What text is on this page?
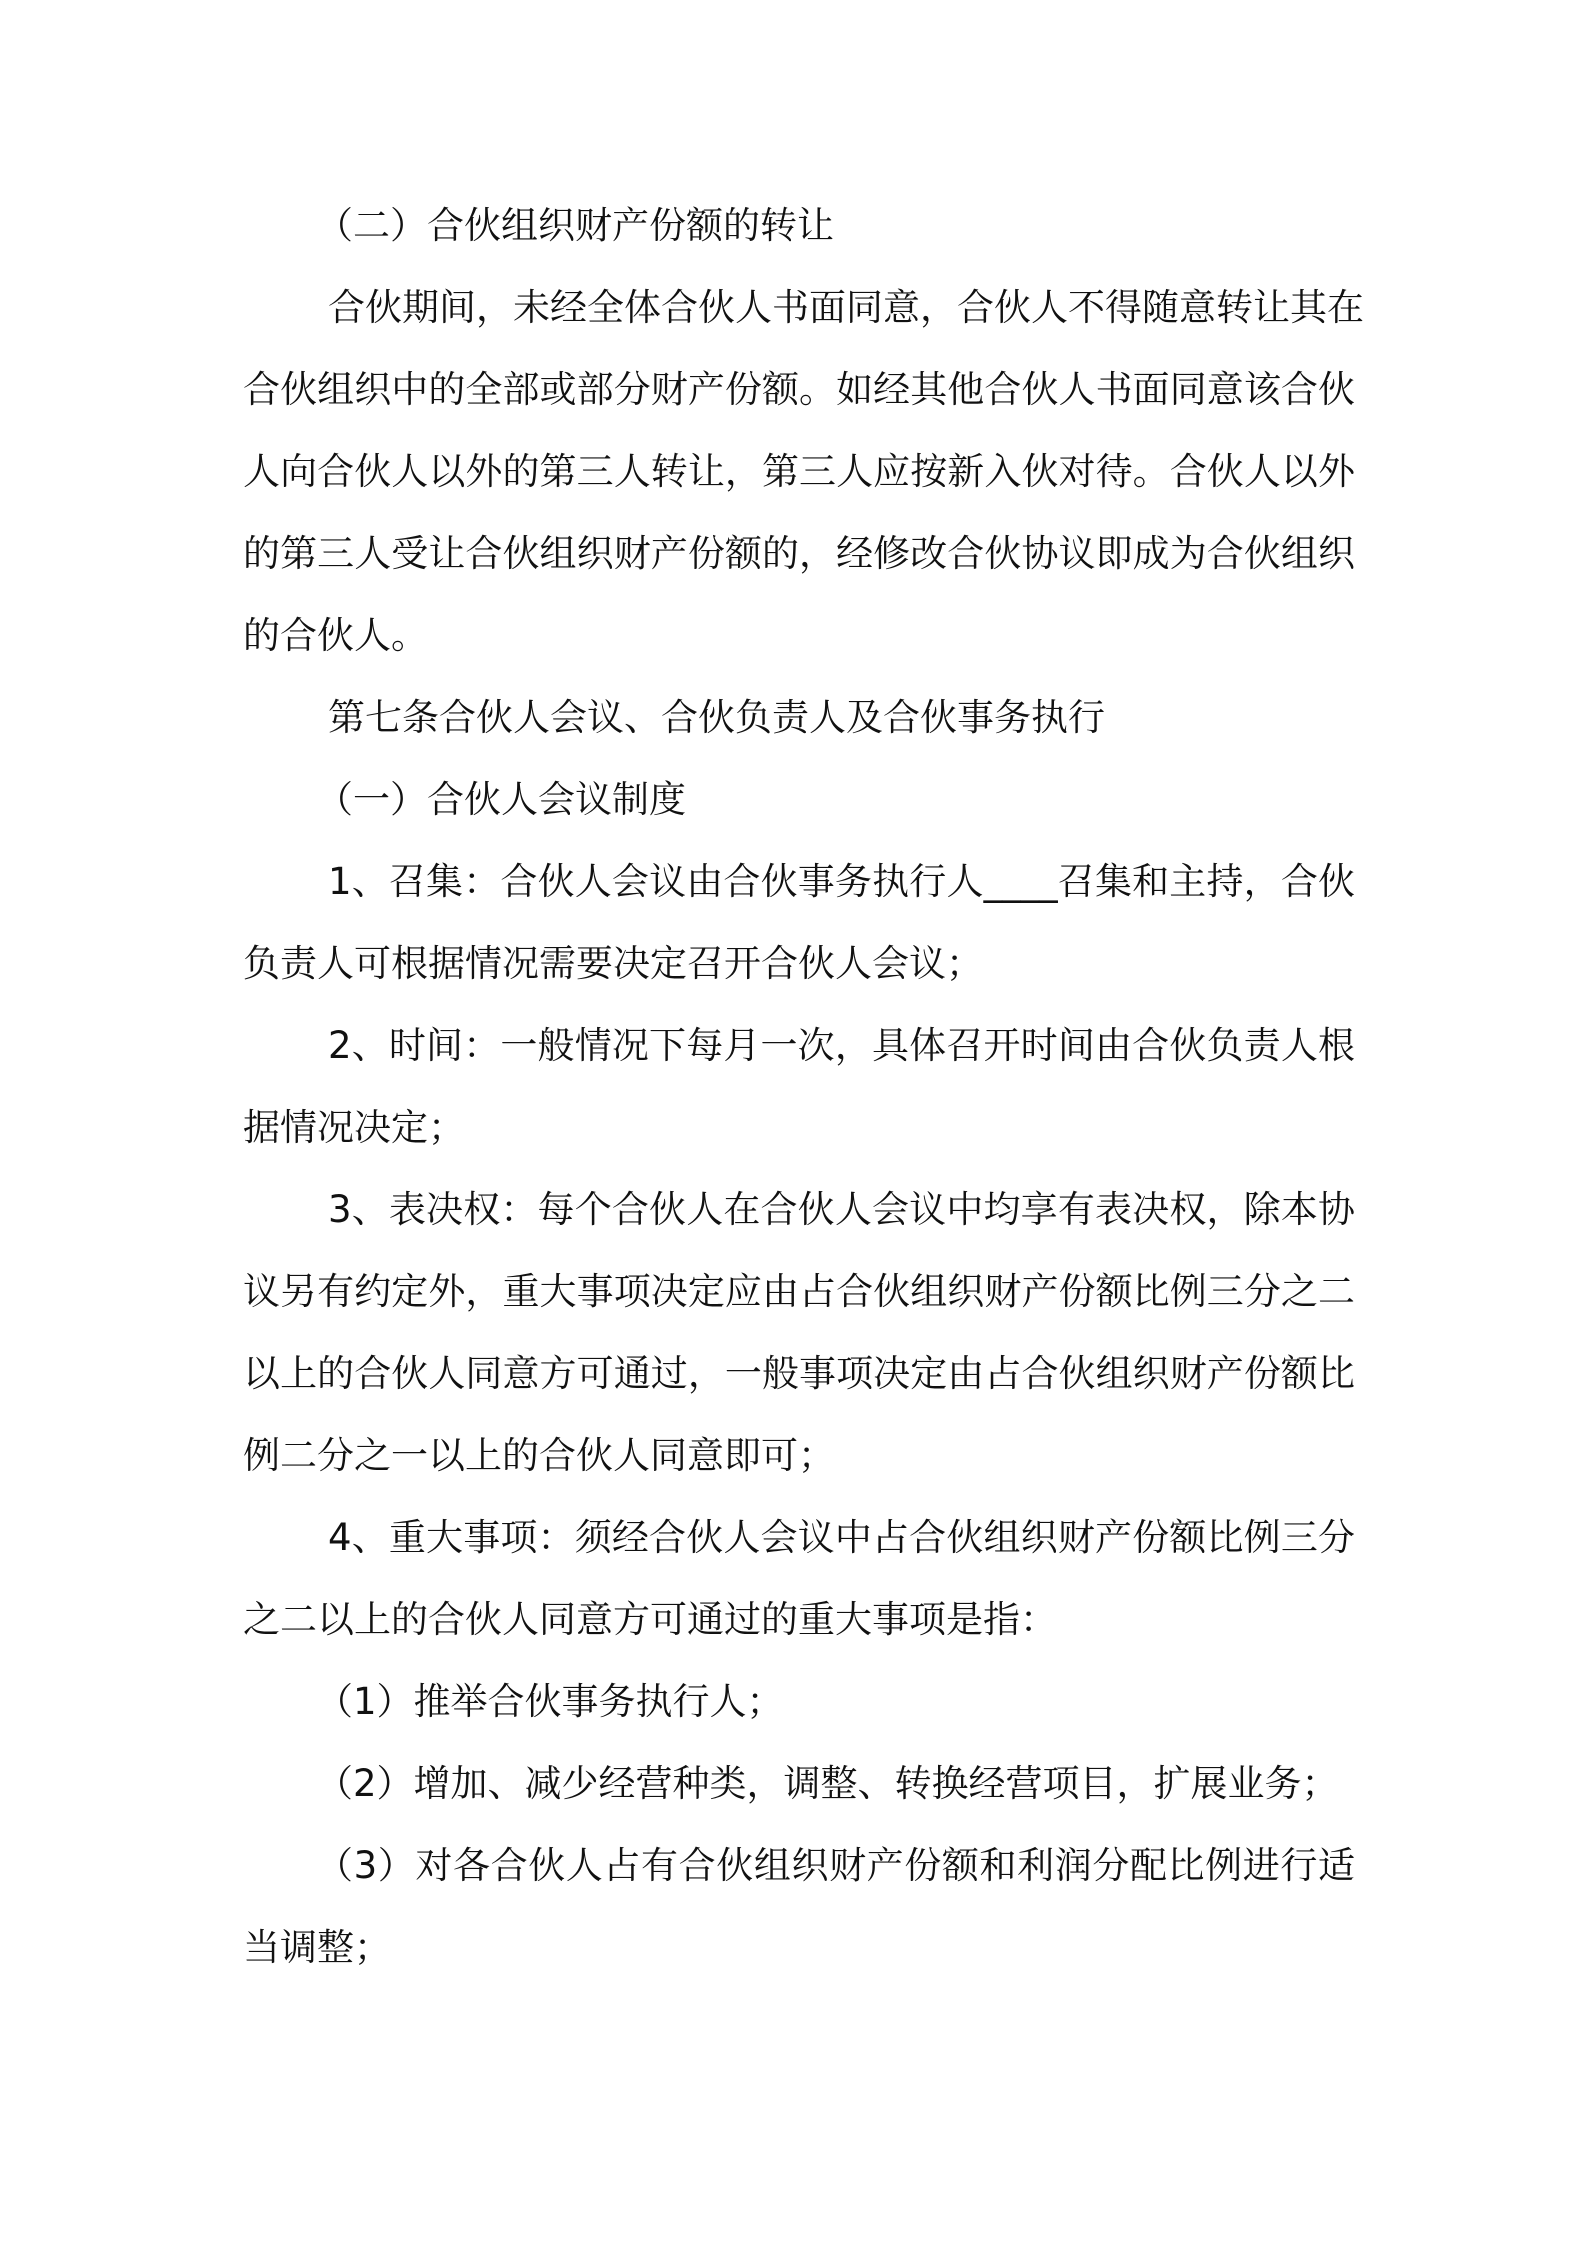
（二）合伙组织财产份额的转让
合伙期间，未经全体合伙人书面同意，合伙人不得随意转让其在
合伙组织中的全部或部分财产份额。如经其他合伙人书面同意该合伙
人向合伙人以外的第三人转让，第三人应按新入伙对待。合伙人以外
的第三人受让合伙组织财产份额的，经修改合伙协议即成为合伙组织
的合伙人。
第七条合伙人会议、合伙负责人及合伙事务执行
（一）合伙人会议制度
1、召集：合伙人会议由合伙事务执行人____召集和主持，合伙
负责人可根据情况需要决定召开合伙人会议；
2、时间：一般情况下每月一次，具体召开时间由合伙负责人根
据情况决定；
3、表决权：每个合伙人在合伙人会议中均享有表决权，除本协
议另有约定外，重大事项决定应由占合伙组织财产份额比例三分之二
以上的合伙人同意方可通过，一般事项决定由占合伙组织财产份额比
例二分之一以上的合伙人同意即可；
4、重大事项：须经合伙人会议中占合伙组织财产份额比例三分
之二以上的合伙人同意方可通过的重大事项是指：
（1）推举合伙事务执行人；
（2）增加、减少经营种类，调整、转换经营项目，扩展业务；
（3）对各合伙人占有合伙组织财产份额和利润分配比例进行适
当调整；
